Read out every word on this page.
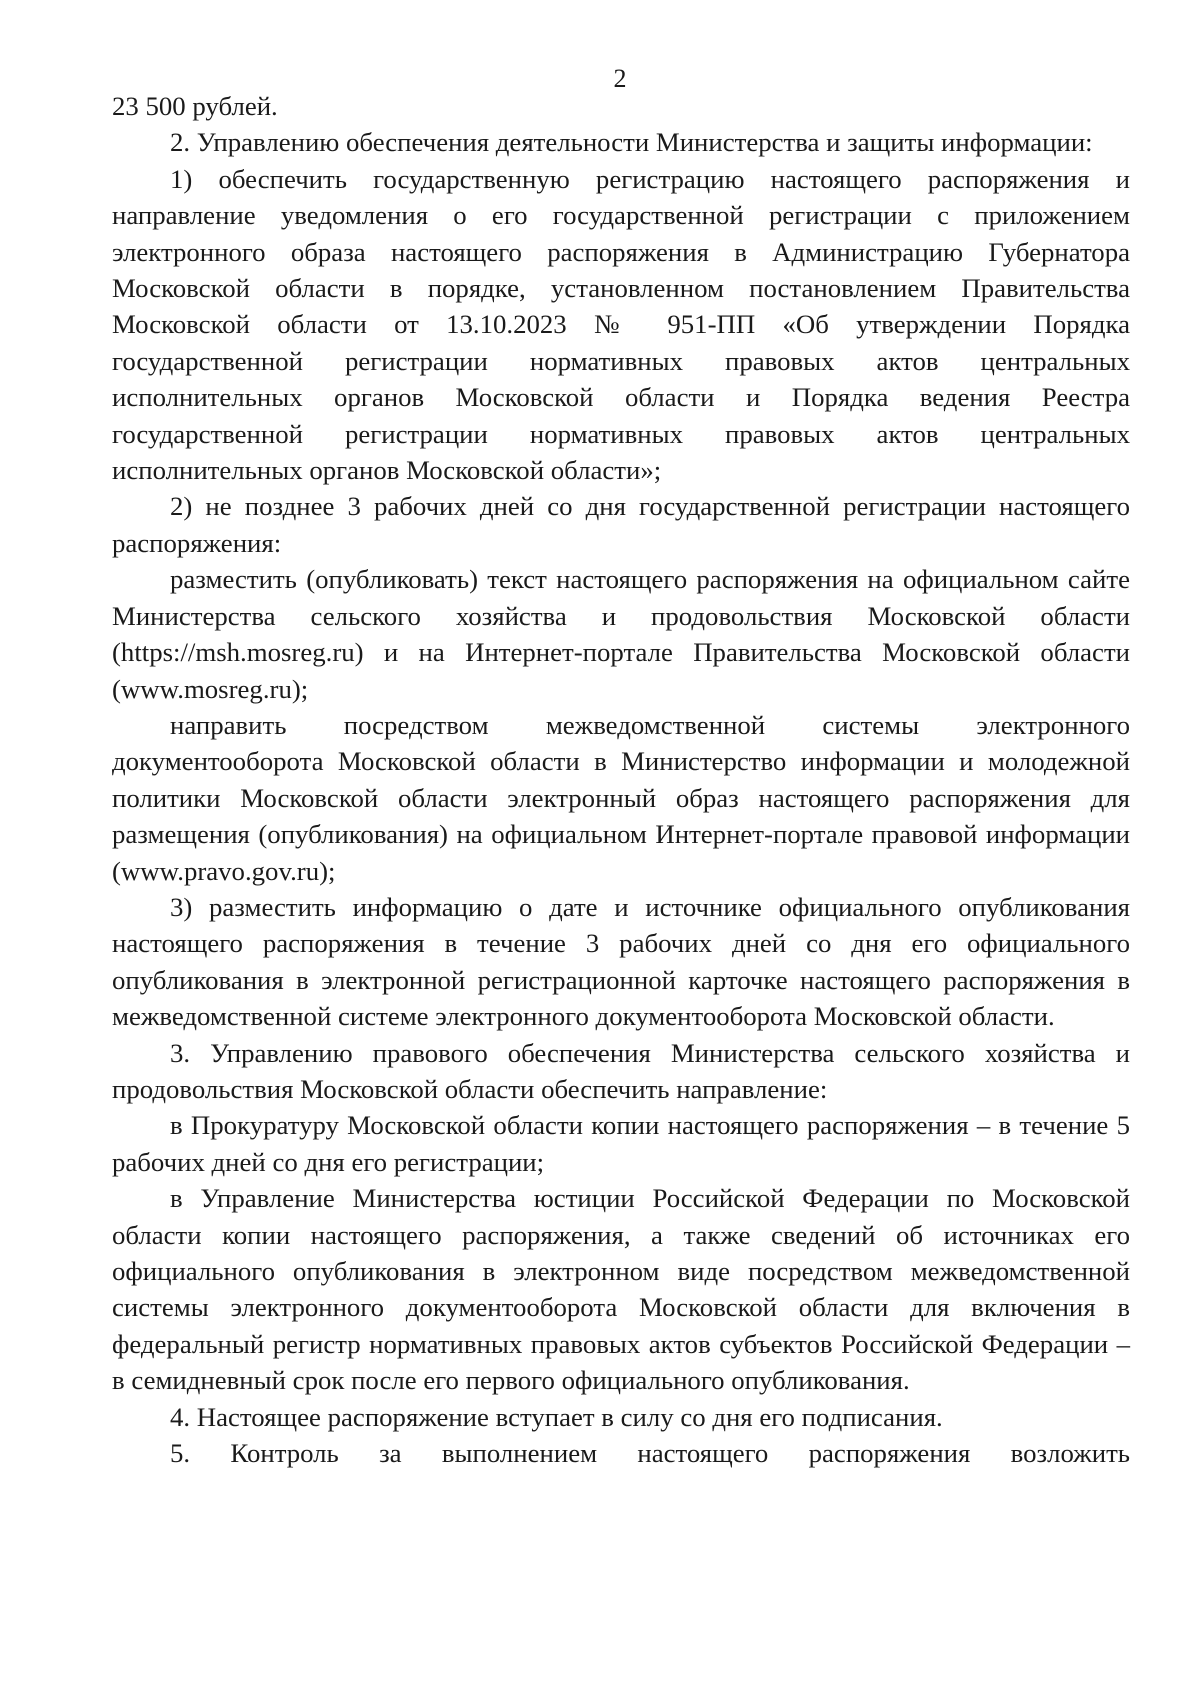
2

23 500 рублей.

2. Управлению обеспечения деятельности Министерства и защиты информации:

1) обеспечить государственную регистрацию настоящего распоряжения и направление уведомления о его государственной регистрации с приложением электронного образа настоящего распоряжения в Администрацию Губернатора Московской области в порядке, установленном постановлением Правительства Московской области от 13.10.2023 № 951-ПП «Об утверждении Порядка государственной регистрации нормативных правовых актов центральных исполнительных органов Московской области и Порядка ведения Реестра государственной регистрации нормативных правовых актов центральных исполнительных органов Московской области»;

2) не позднее 3 рабочих дней со дня государственной регистрации настоящего распоряжения:

разместить (опубликовать) текст настоящего распоряжения на официальном сайте Министерства сельского хозяйства и продовольствия Московской области (https://msh.mosreg.ru) и на Интернет-портале Правительства Московской области (www.mosreg.ru);

направить посредством межведомственной системы электронного документооборота Московской области в Министерство информации и молодежной политики Московской области электронный образ настоящего распоряжения для размещения (опубликования) на официальном Интернет-портале правовой информации (www.pravo.gov.ru);

3) разместить информацию о дате и источнике официального опубликования настоящего распоряжения в течение 3 рабочих дней со дня его официального опубликования в электронной регистрационной карточке настоящего распоряжения в межведомственной системе электронного документооборота Московской области.

3. Управлению правового обеспечения Министерства сельского хозяйства и продовольствия Московской области обеспечить направление:

в Прокуратуру Московской области копии настоящего распоряжения – в течение 5 рабочих дней со дня его регистрации;

в Управление Министерства юстиции Российской Федерации по Московской области копии настоящего распоряжения, а также сведений об источниках его официального опубликования в электронном виде посредством межведомственной системы электронного документооборота Московской области для включения в федеральный регистр нормативных правовых актов субъектов Российской Федерации – в семидневный срок после его первого официального опубликования.

4. Настоящее распоряжение вступает в силу со дня его подписания.

5. Контроль за выполнением настоящего распоряжения возложить
